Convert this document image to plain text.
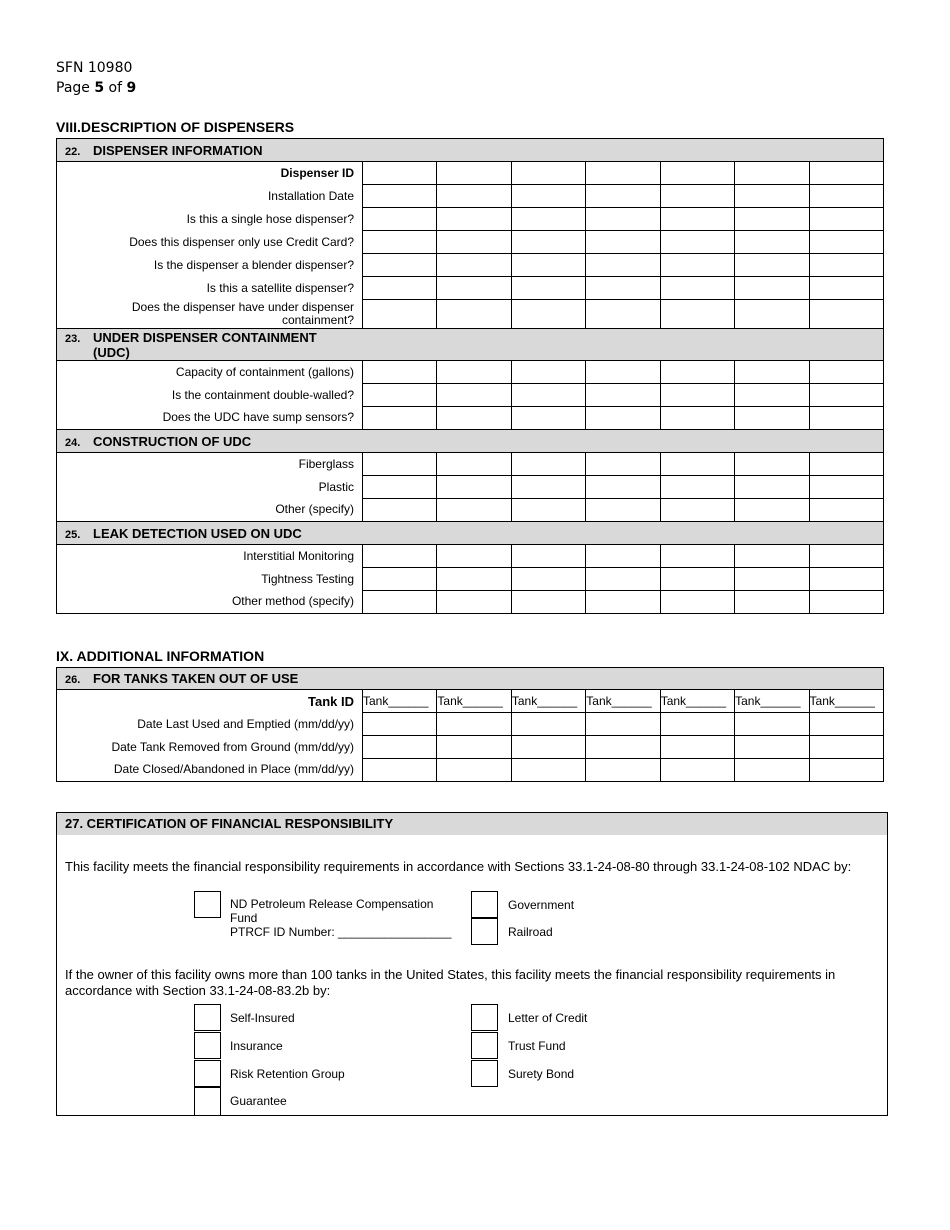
SFN 10980
Page 5 of 9
VIII.DESCRIPTION OF DISPENSERS
22. DISPENSER INFORMATION							
Dispenser ID							
Installation Date							
Is this a single hose dispenser?							
Does this dispenser only use Credit Card?							
Is the dispenser a blender dispenser?							
Is this a satellite dispenser?							
Does the dispenser have under dispenser containment?							
23. UNDER DISPENSER CONTAINMENT (UDC)							
Capacity of containment (gallons)							
Is the containment double-walled?							
Does the UDC have sump sensors?							
24. CONSTRUCTION OF UDC							
Fiberglass							
Plastic							
Other (specify)							
25. LEAK DETECTION USED ON UDC							
Interstitial Monitoring							
Tightness Testing							
Other method (specify)							
IX. ADDITIONAL INFORMATION
26. FOR TANKS TAKEN OUT OF USE							
Tank ID	Tank______	Tank______	Tank______	Tank______	Tank______	Tank______	Tank______
Date Last Used and Emptied (mm/dd/yy)							
Date Tank Removed from Ground (mm/dd/yy)							
Date Closed/Abandoned in Place (mm/dd/yy)							
27. CERTIFICATION OF FINANCIAL RESPONSIBILITY
This facility meets the financial responsibility requirements in accordance with Sections 33.1-24-08-80 through 33.1-24-08-102 NDAC by:
ND Petroleum Release Compensation Fund
PTRCF ID Number: _________________
Government
Railroad
If the owner of this facility owns more than 100 tanks in the United States, this facility meets the financial responsibility requirements in accordance with Section 33.1-24-08-83.2b by:
Self-Insured
Insurance
Risk Retention Group
Guarantee
Letter of Credit
Trust Fund
Surety Bond
